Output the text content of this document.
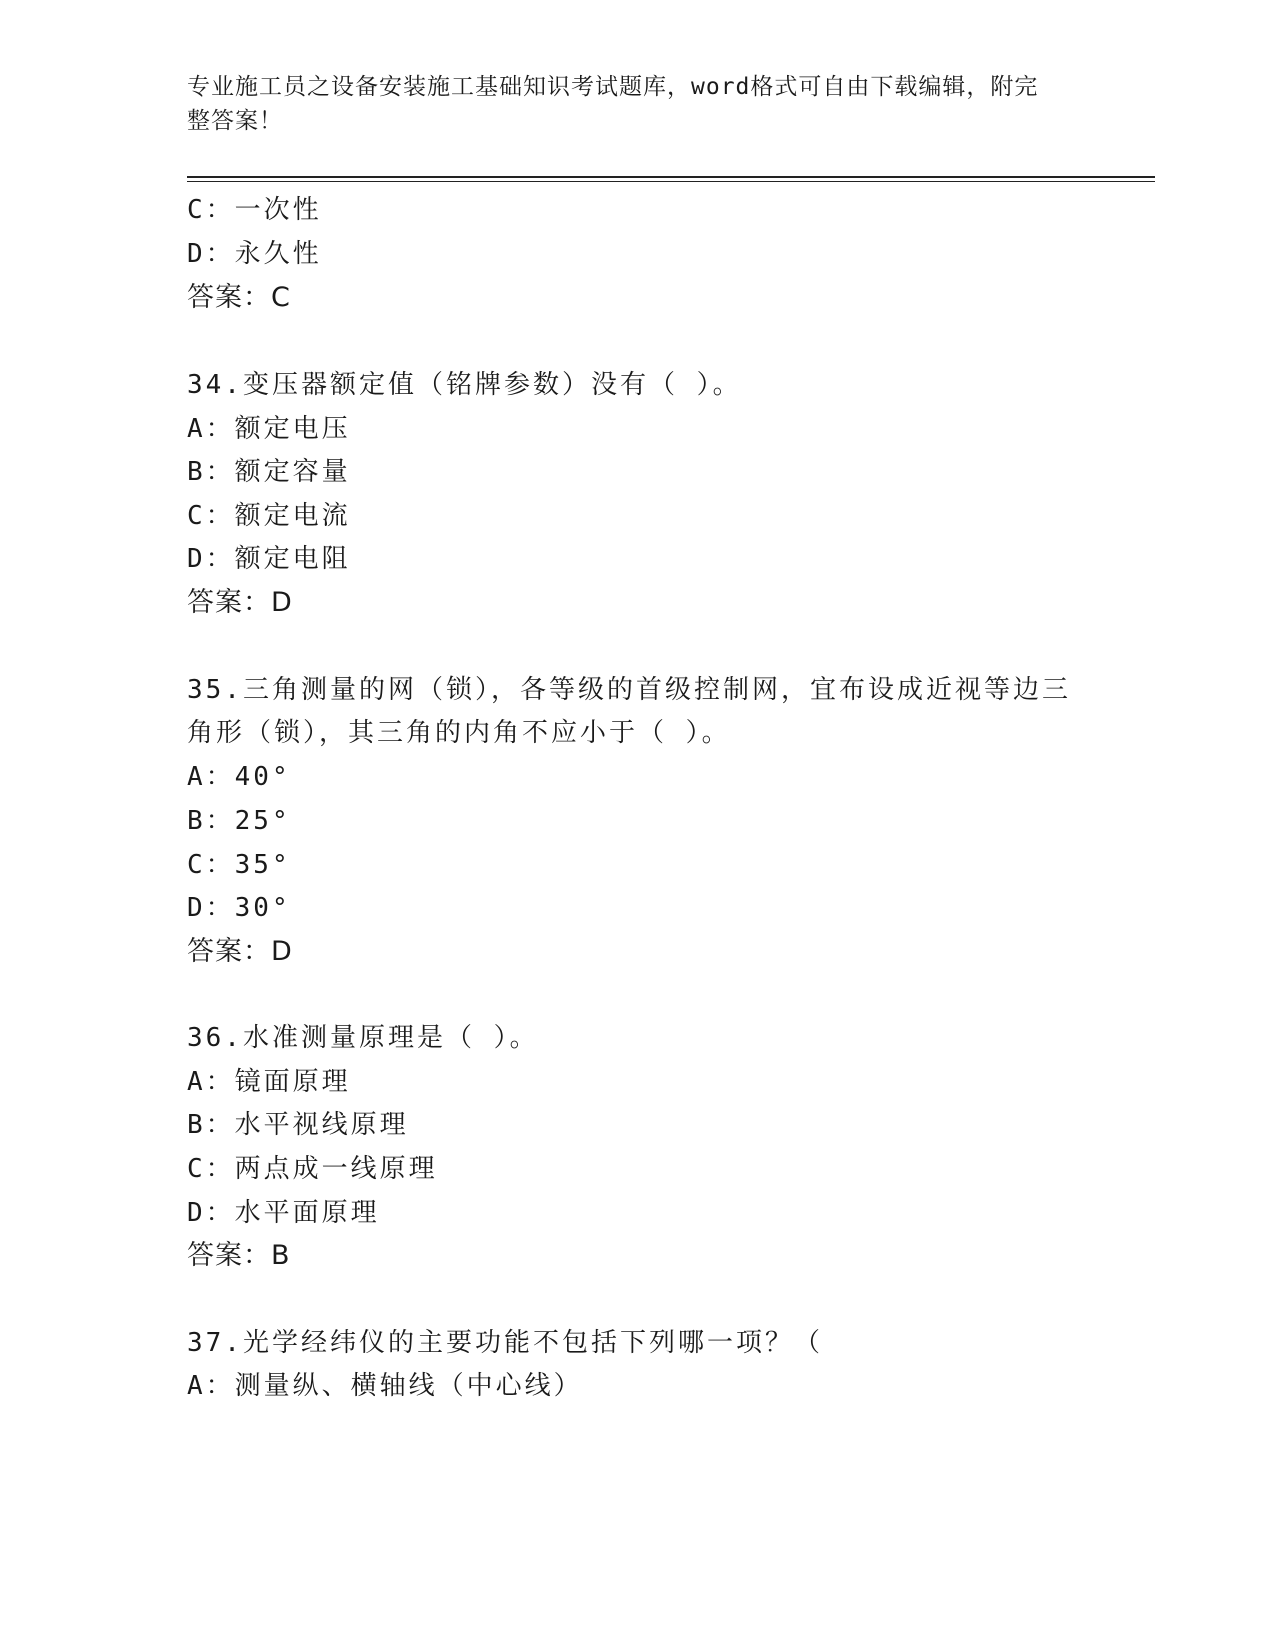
专业施工员之设备安装施工基础知识考试题库，word格式可自由下载编辑，附完
整答案！
C：一次性
D：永久性
答案：C
34.变压器额定值（铭牌参数）没有（ ）。
A：额定电压
B：额定容量
C：额定电流
D：额定电阻
答案：D
35.三角测量的网（锁），各等级的首级控制网，宜布设成近视等边三
角形（锁），其三角的内角不应小于（ ）。
A：40°
B：25°
C：35°
D：30°
答案：D
36.水准测量原理是（ ）。
A：镜面原理
B：水平视线原理
C：两点成一线原理
D：水平面原理
答案：B
37.光学经纬仪的主要功能不包括下列哪一项？（
A：测量纵、横轴线（中心线）
